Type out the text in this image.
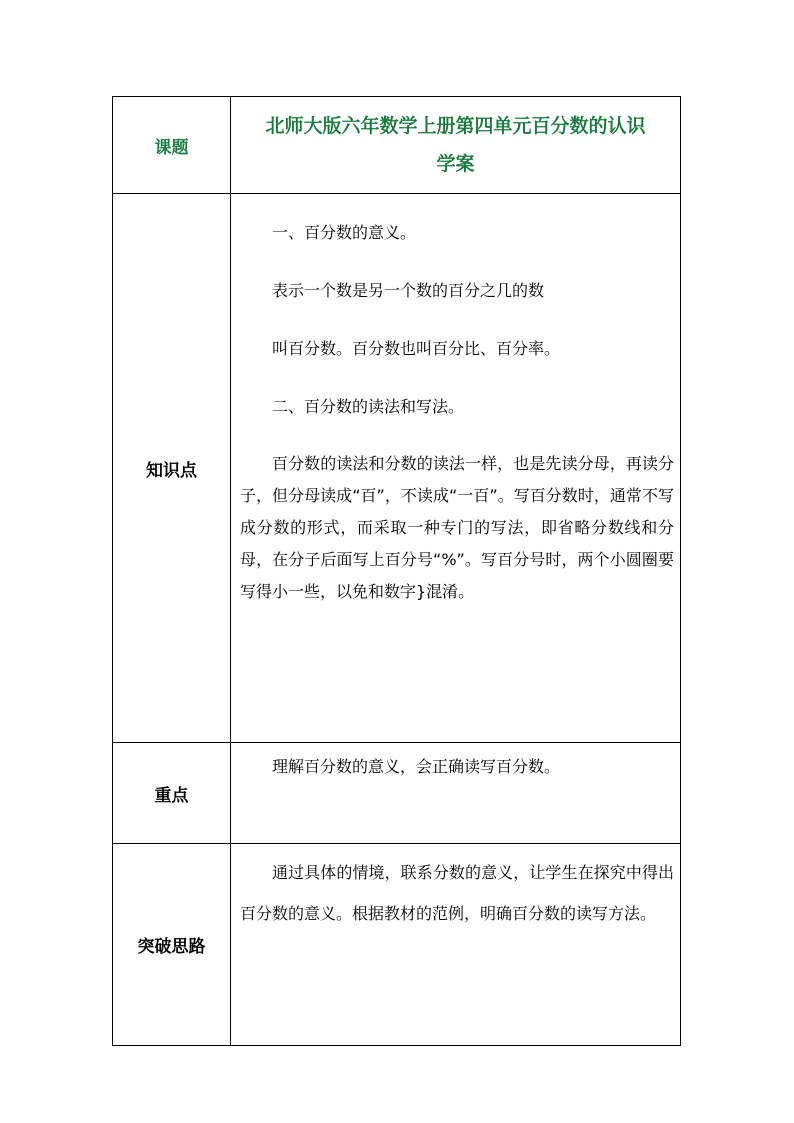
课题	北师大版六年数学上册第四单元百分数的认识
学案

知识点	一、百分数的意义。

表示一个数是另一个数的百分之几的数

叫百分数。百分数也叫百分比、百分率。

二、百分数的读法和写法。

百分数的读法和分数的读法一样，也是先读分母，再读分子，但分母读成“百”，不读成“一百”。写百分数时，通常不写成分数的形式，而采取一种专门的写法，即省略分数线和分母，在分子后面写上百分号“%”。写百分号时，两个小圆圈要写得小一些，以免和数字}混淆。

重点	理解百分数的意义，会正确读写百分数。

突破思路	通过具体的情境，联系分数的意义，让学生在探究中得出百分数的意义。根据教材的范例，明确百分数的读写方法。
